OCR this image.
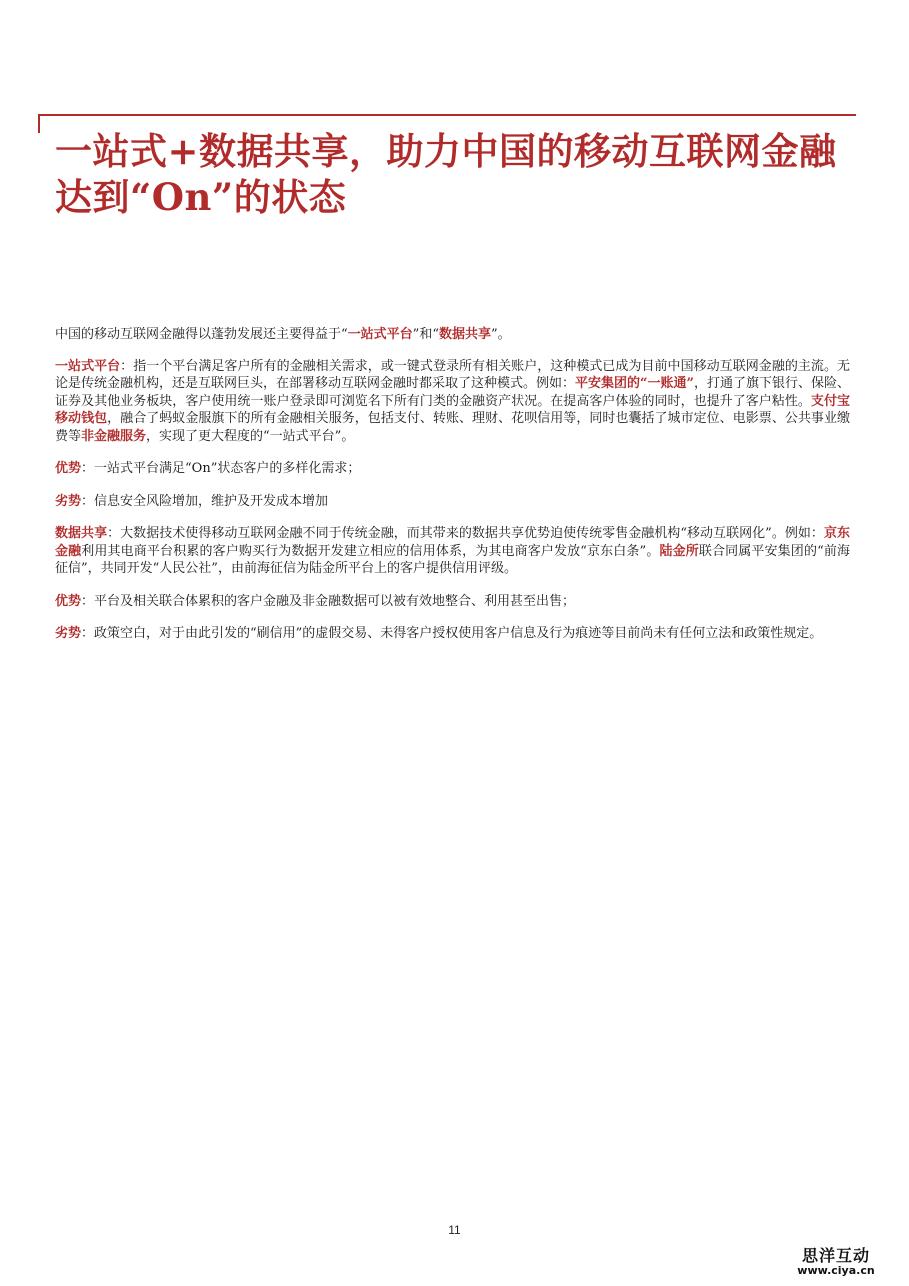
一站式+数据共享，助力中国的移动互联网金融达到“On”的状态

中国的移动互联网金融得以蓬勃发展还主要得益于“一站式平台”和“数据共享”。

一站式平台：指一个平台满足客户所有的金融相关需求，或一键式登录所有相关账户，这种模式已成为目前中国移动互联网金融的主流。无论是传统金融机构，还是互联网巨头，在部署移动互联网金融时都采取了这种模式。例如：平安集团的“一账通”，打通了旗下银行、保险、证券及其他业务板块，客户使用统一账户登录即可浏览名下所有门类的金融资产状况。在提高客户体验的同时，也提升了客户粘性。支付宝移动钱包，融合了蚂蚁金服旗下的所有金融相关服务，包括支付、转账、理财、花呗信用等，同时也囊括了城市定位、电影票、公共事业缴费等非金融服务，实现了更大程度的“一站式平台”。

优势：一站式平台满足“On”状态客户的多样化需求；

劣势：信息安全风险增加，维护及开发成本增加

数据共享：大数据技术使得移动互联网金融不同于传统金融，而其带来的数据共享优势迫使传统零售金融机构“移动互联网化”。例如：京东金融利用其电商平台积累的客户购买行为数据开发建立相应的信用体系，为其电商客户发放“京东白条”。陆金所联合同属平安集团的“前海征信”，共同开发“人民公社”，由前海征信为陆金所平台上的客户提供信用评级。

优势：平台及相关联合体累积的客户金融及非金融数据可以被有效地整合、利用甚至出售；

劣势：政策空白，对于由此引发的“刷信用”的虚假交易、未得客户授权使用客户信息及行为痕迹等目前尚未有任何立法和政策性规定。

11
思洋互动
www.ciya.cn
